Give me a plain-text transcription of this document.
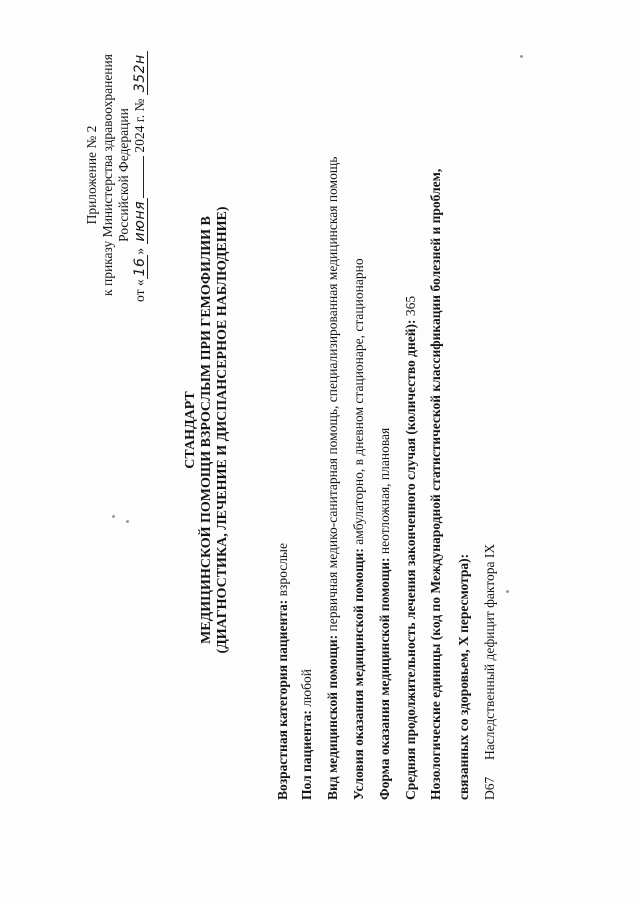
Приложение № 2 к приказу Министерства здравоохранения Российской Федерации
от «16» июня 2024 г. № 352н
СТАНДАРТ МЕДИЦИНСКОЙ ПОМОЩИ ВЗРОСЛЫМ ПРИ ГЕМОФИЛИИ В (ДИАГНОСТИКА, ЛЕЧЕНИЕ И ДИСПАНСЕРНОЕ НАБЛЮДЕНИЕ)
Возрастная категория пациента: взрослые
Пол пациента: любой Вид медицинской помощи: первичная медико-санитарная помощь, специализированная медицинская помощь
Условия оказания медицинской помощи: амбулаторно, в дневном стационаре, стационарно
Форма оказания медицинской помощи: неотложная, плановая Средняя продолжительность лечения законченного случая (количество дней): 365 Нозологические единицы (код по Международной статистической классификации болезней и проблем, связанных со здоровьем, X пересмотра): D67Наследственный дефицит фактора IX
